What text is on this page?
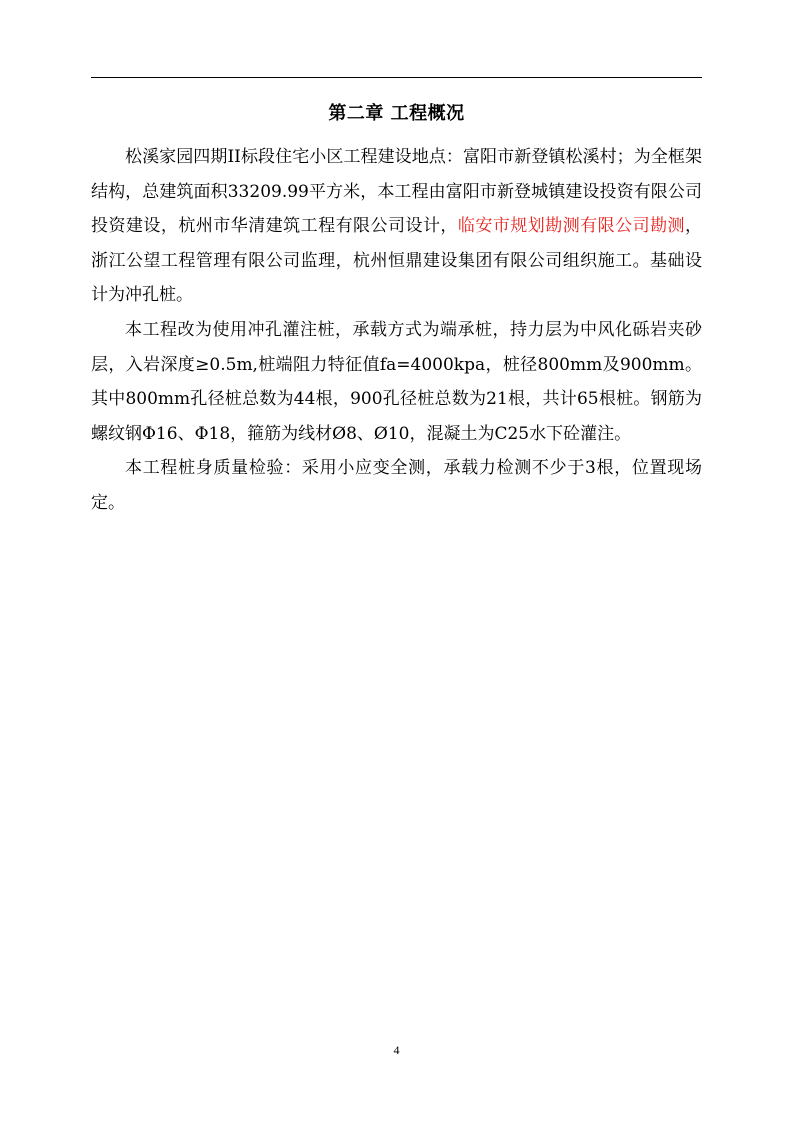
第二章 工程概况

松溪家园四期II标段住宅小区工程建设地点：富阳市新登镇松溪村；为全框架结构，总建筑面积33209.99平方米，本工程由富阳市新登城镇建设投资有限公司投资建设，杭州市华清建筑工程有限公司设计，临安市规划勘测有限公司勘测，浙江公望工程管理有限公司监理，杭州恒鼎建设集团有限公司组织施工。基础设计为冲孔桩。

本工程改为使用冲孔灌注桩，承载方式为端承桩，持力层为中风化砾岩夹砂层，入岩深度≥0.5m,桩端阻力特征值fa=4000kpa，桩径800mm及900mm。其中800mm孔径桩总数为44根，900孔径桩总数为21根，共计65根桩。钢筋为螺纹钢Φ16、Φ18，箍筋为线材Ø8、Ø10，混凝土为C25水下砼灌注。

本工程桩身质量检验：采用小应变全测，承载力检测不少于3根，位置现场定。

4
